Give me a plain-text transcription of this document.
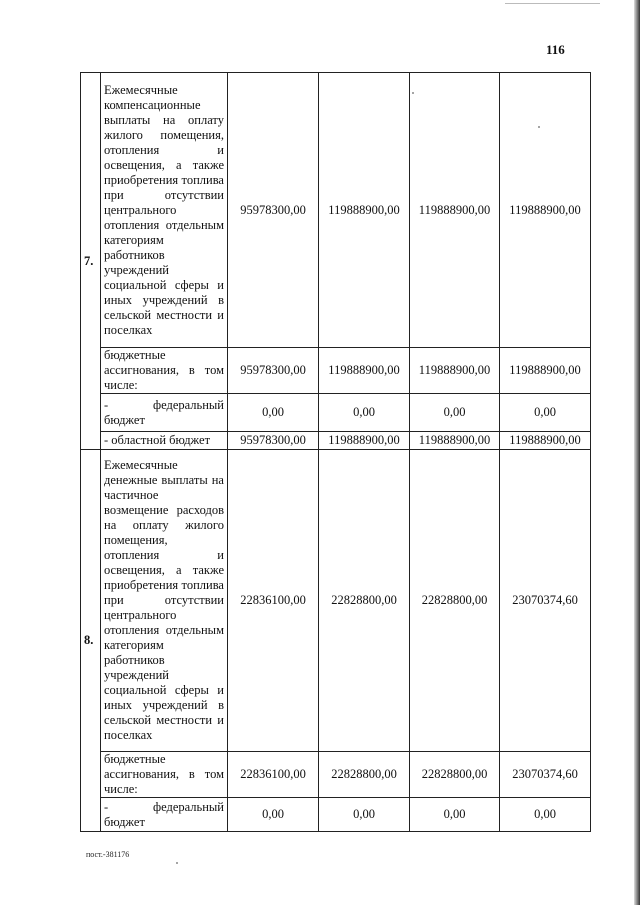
116
7.	Ежемесячные компенсационные выплаты на оплату жилого помещения, отопления и освещения, а также приобретения топлива при отсутствии центрального отопления отдельным категориям работников учреждений социальной сферы и иных учреждений в сельской местности и поселках	95978300,00	119888900,00	119888900,00	119888900,00
	бюджетные ассигнования, в том числе:	95978300,00	119888900,00	119888900,00	119888900,00
	- федеральный бюджет	0,00	0,00	0,00	0,00
	- областной бюджет	95978300,00	119888900,00	119888900,00	119888900,00
8.	Ежемесячные денежные выплаты на частичное возмещение расходов на оплату жилого помещения, отопления и освещения, а также приобретения топлива при отсутствии центрального отопления отдельным категориям работников учреждений социальной сферы и иных учреждений в сельской местности и поселках	22836100,00	22828800,00	22828800,00	23070374,60
	бюджетные ассигнования, в том числе:	22836100,00	22828800,00	22828800,00	23070374,60
	- федеральный бюджет	0,00	0,00	0,00	0,00
пост.-381176
